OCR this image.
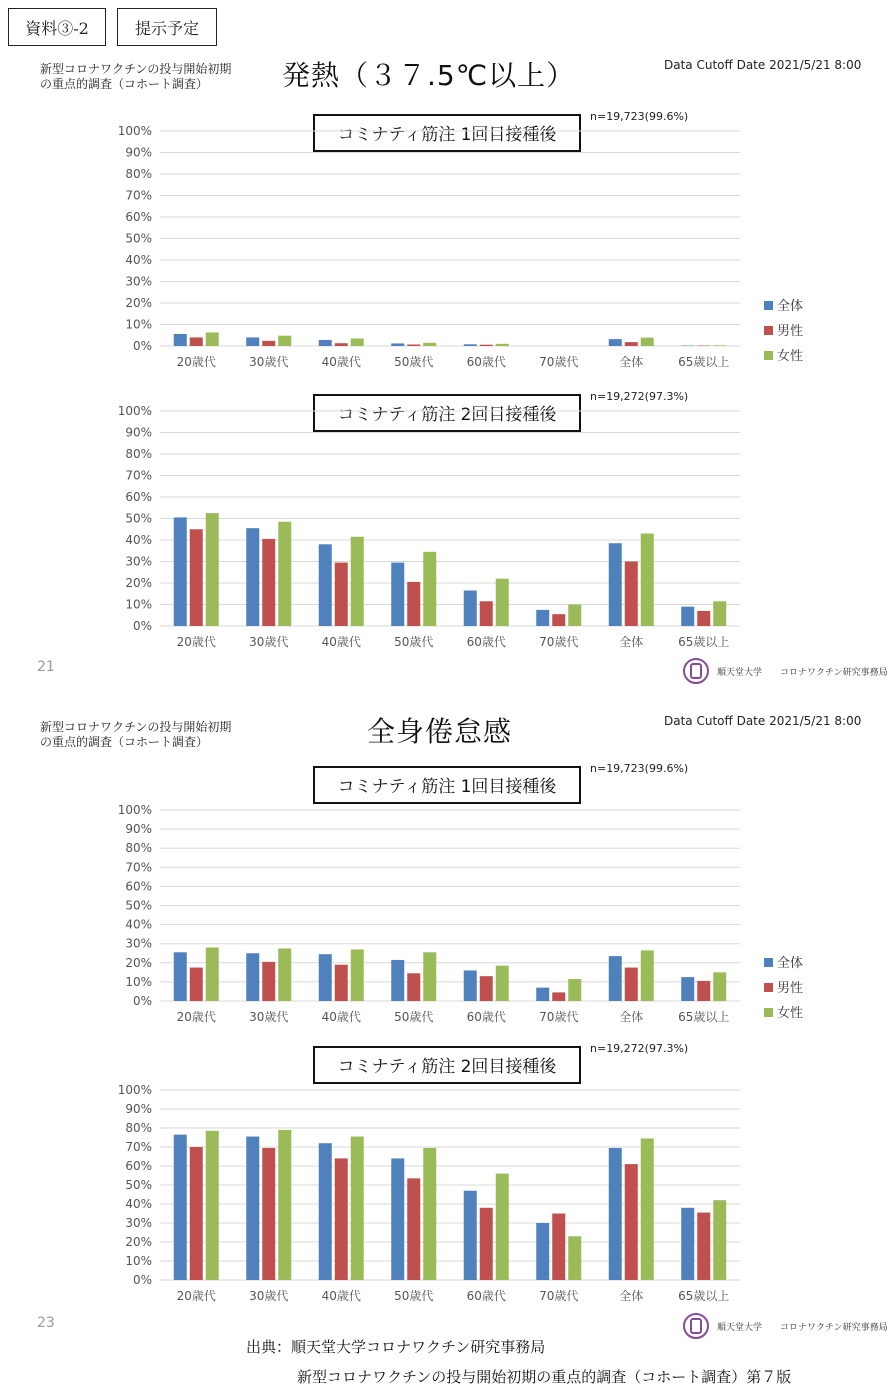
資料③-2	提示予定
新型コロナワクチンの投与開始初期
の重点的調査（コホート調査）	発熱（３７.5℃以上）	Data Cutoff Date 2021/5/21 8:00
新型コロナワクチンの投与開始初期
の重点的調査（コホート調査）	全身倦怠感	Data Cutoff Date 2021/5/21 8:00
コミナティ筋注 1回目接種後
n=19,723(99.6%)
0%
10%
20%
30%
40%
50%
60%
70%
80%
90%
100%
20歳代	30歳代	40歳代	50歳代	60歳代	70歳代	全体	65歳以上
全体
男性
女性
コミナティ筋注 2回目接種後
n=19,272(97.3%)
0%
10%
20%
30%
40%
50%
60%
70%
80%
90%
100%
20歳代	30歳代	40歳代	50歳代	60歳代	70歳代	全体	65歳以上
コミナティ筋注 1回目接種後
n=19,723(99.6%)
0%
10%
20%
30%
40%
50%
60%
70%
80%
90%
100%
20歳代	30歳代	40歳代	50歳代	60歳代	70歳代	全体	65歳以上
全体
男性
女性
コミナティ筋注 2回目接種後
n=19,272(97.3%)
0%
10%
20%
30%
40%
50%
60%
70%
80%
90%
100%
20歳代	30歳代	40歳代	50歳代	60歳代	70歳代	全体	65歳以上
21	順天堂大学 コロナワクチン研究事務局
23	順天堂大学 コロナワクチン研究事務局
出典：順天堂大学コロナワクチン研究事務局
新型コロナワクチンの投与開始初期の重点的調査（コホート調査）第７版
